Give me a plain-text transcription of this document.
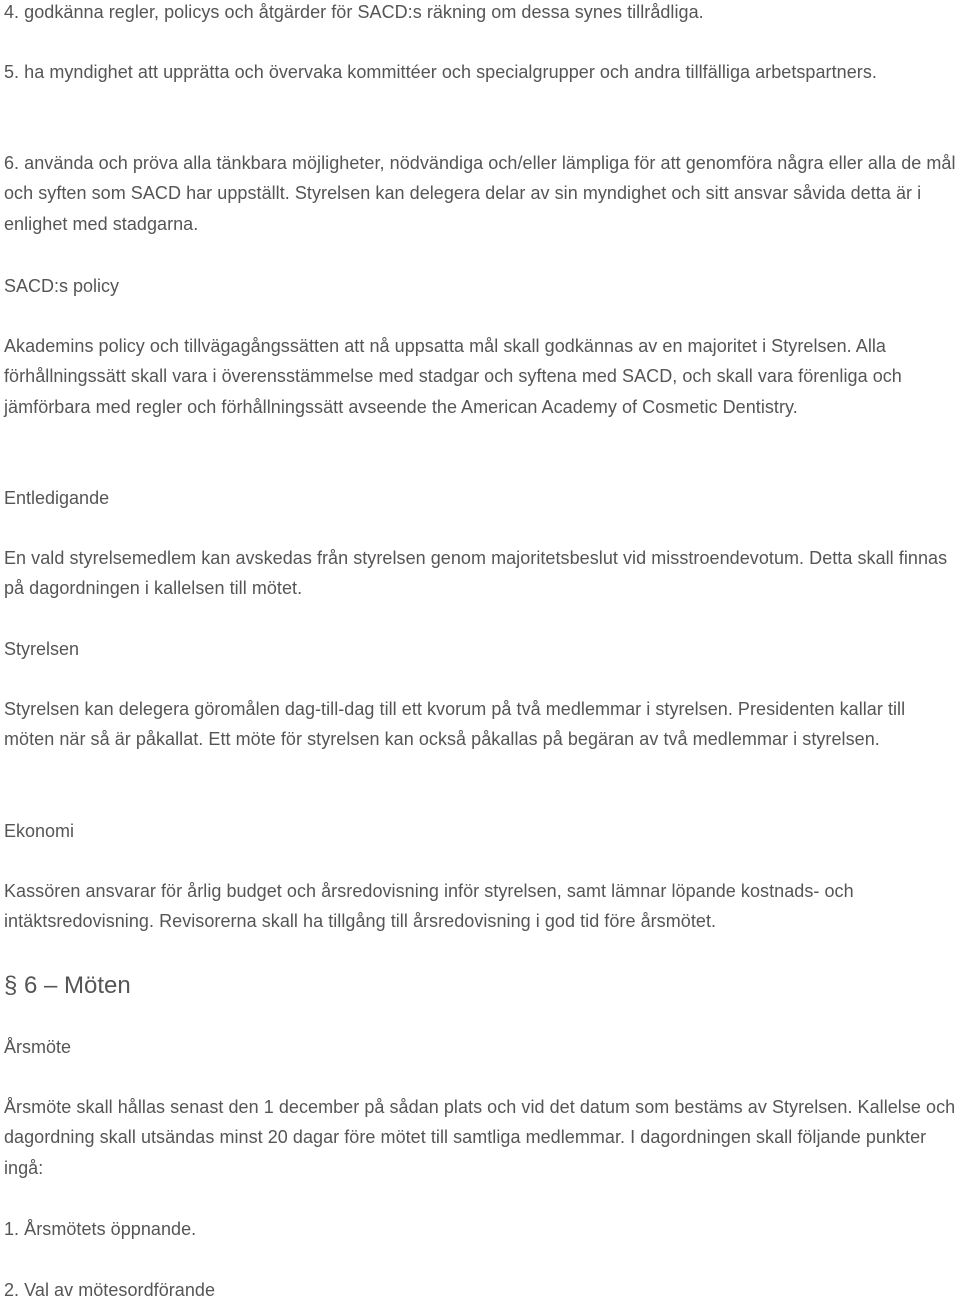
4. godkänna regler, policys och åtgärder för SACD:s räkning om dessa synes tillrådliga.

5. ha myndighet att upprätta och övervaka kommittéer och specialgrupper och andra tillfälliga arbetspartners.

6. använda och pröva alla tänkbara möjligheter, nödvändiga och/eller lämpliga för att genomföra några eller alla de mål och syften som SACD har uppställt. Styrelsen kan delegera delar av sin myndighet och sitt ansvar såvida detta är i enlighet med stadgarna.

SACD:s policy

Akademins policy och tillvägagångssätten att nå uppsatta mål skall godkännas av en majoritet i Styrelsen. Alla förhållningssätt skall vara i överensstämmelse med stadgar och syftena med SACD, och skall vara förenliga och jämförbara med regler och förhållningssätt avseende the American Academy of Cosmetic Dentistry.

Entledigande

En vald styrelsemedlem kan avskedas från styrelsen genom majoritetsbeslut vid misstroendevotum. Detta skall finnas på dagordningen i kallelsen till mötet.

Styrelsen

Styrelsen kan delegera göromålen dag-till-dag till ett kvorum på två medlemmar i styrelsen. Presidenten kallar till möten när så är påkallat. Ett möte för styrelsen kan också påkallas på begäran av två medlemmar i styrelsen.

Ekonomi

Kassören ansvarar för årlig budget och årsredovisning inför styrelsen, samt lämnar löpande kostnads- och intäktsredovisning. Revisorerna skall ha tillgång till årsredovisning i god tid före årsmötet.

§ 6 – Möten

Årsmöte

Årsmöte skall hållas senast den 1 december på sådan plats och vid det datum som bestäms av Styrelsen. Kallelse och dagordning skall utsändas minst 20 dagar före mötet till samtliga medlemmar. I dagordningen skall följande punkter ingå:

1. Årsmötets öppnande.

2. Val av mötesordförande
